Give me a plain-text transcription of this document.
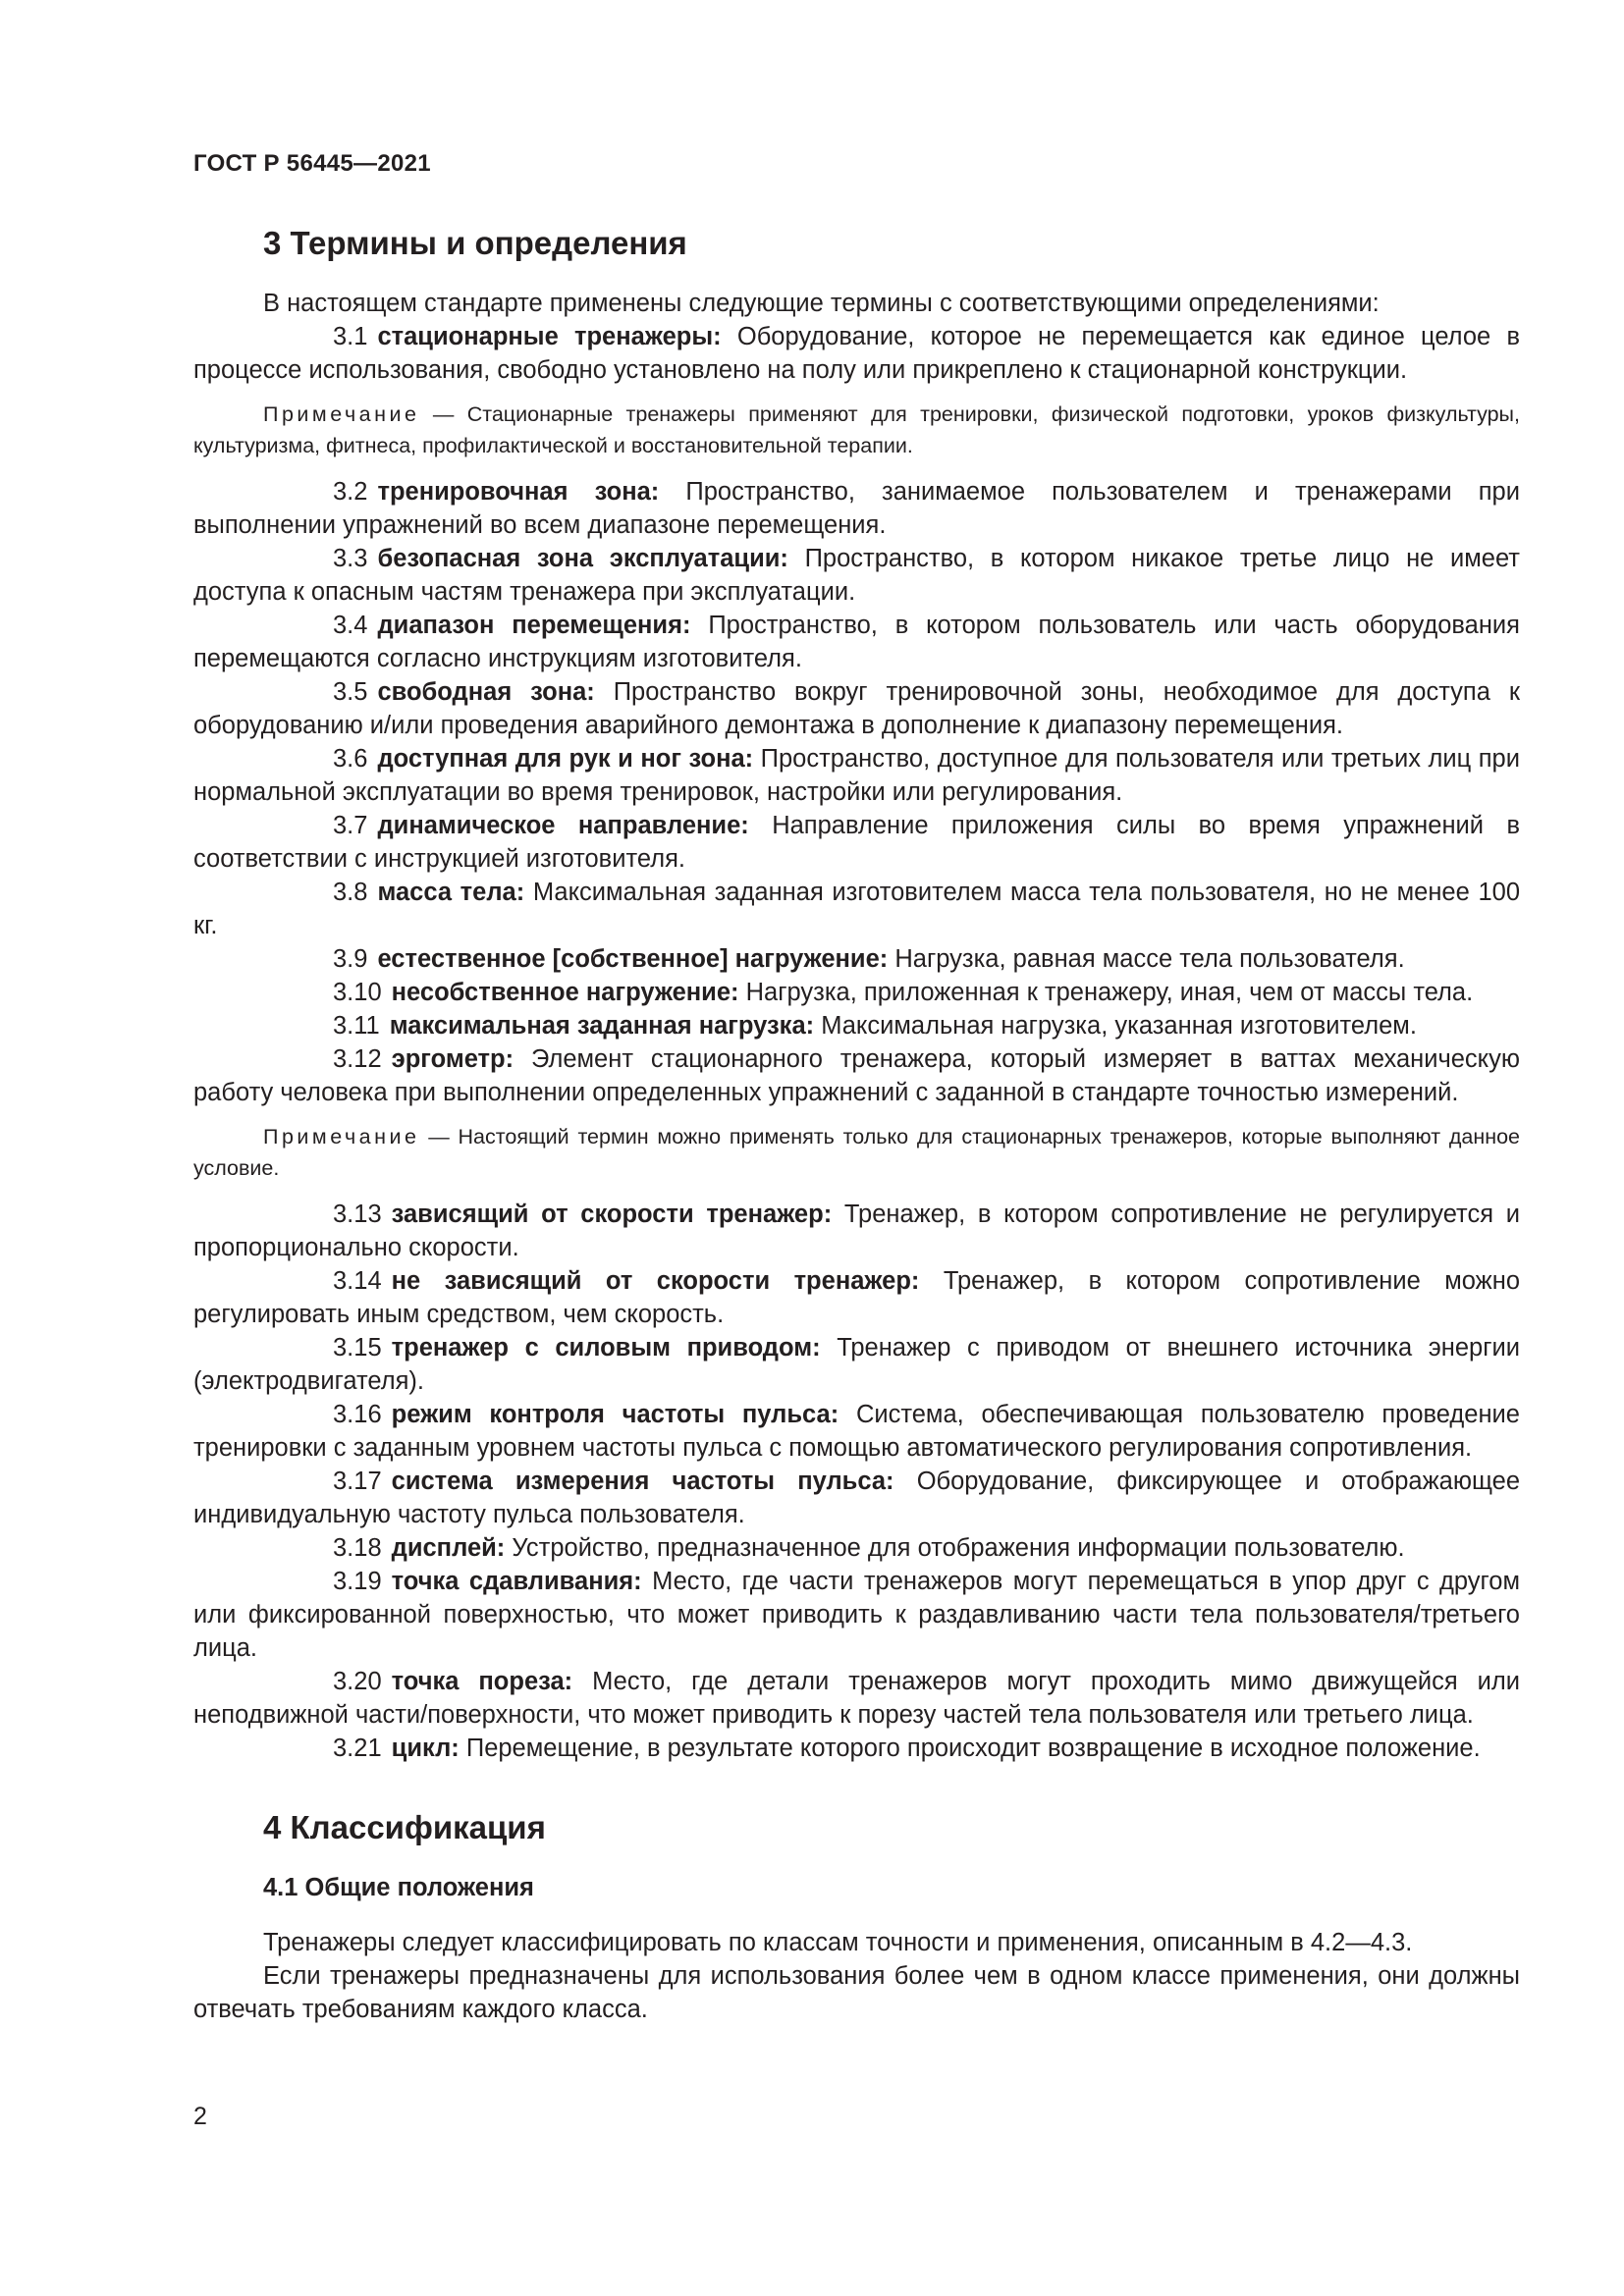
ГОСТ Р 56445—2021
3 Термины и определения

В настоящем стандарте применены следующие термины с соответствующими определениями:

3.1 стационарные тренажеры: Оборудование, которое не перемещается как единое целое в процессе использования, свободно установлено на полу или прикреплено к стационарной конструкции.

Примечание — Стационарные тренажеры применяют для тренировки, физической подготовки, уроков физкультуры, культуризма, фитнеса, профилактической и восстановительной терапии.

3.2 тренировочная зона: Пространство, занимаемое пользователем и тренажерами при выполнении упражнений во всем диапазоне перемещения.

3.3 безопасная зона эксплуатации: Пространство, в котором никакое третье лицо не имеет доступа к опасным частям тренажера при эксплуатации.

3.4 диапазон перемещения: Пространство, в котором пользователь или часть оборудования перемещаются согласно инструкциям изготовителя.

3.5 свободная зона: Пространство вокруг тренировочной зоны, необходимое для доступа к оборудованию и/или проведения аварийного демонтажа в дополнение к диапазону перемещения.

3.6 доступная для рук и ног зона: Пространство, доступное для пользователя или третьих лиц при нормальной эксплуатации во время тренировок, настройки или регулирования.

3.7 динамическое направление: Направление приложения силы во время упражнений в соответствии с инструкцией изготовителя.

3.8 масса тела: Максимальная заданная изготовителем масса тела пользователя, но не менее 100 кг.

3.9 естественное [собственное] нагружение: Нагрузка, равная массе тела пользователя.

3.10 несобственное нагружение: Нагрузка, приложенная к тренажеру, иная, чем от массы тела.

3.11 максимальная заданная нагрузка: Максимальная нагрузка, указанная изготовителем.

3.12 эргометр: Элемент стационарного тренажера, который измеряет в ваттах механическую работу человека при выполнении определенных упражнений с заданной в стандарте точностью измерений.

Примечание — Настоящий термин можно применять только для стационарных тренажеров, которые выполняют данное условие.

3.13 зависящий от скорости тренажер: Тренажер, в котором сопротивление не регулируется и пропорционально скорости.

3.14 не зависящий от скорости тренажер: Тренажер, в котором сопротивление можно регулировать иным средством, чем скорость.

3.15 тренажер с силовым приводом: Тренажер с приводом от внешнего источника энергии (электродвигателя).

3.16 режим контроля частоты пульса: Система, обеспечивающая пользователю проведение тренировки с заданным уровнем частоты пульса с помощью автоматического регулирования сопротивления.

3.17 система измерения частоты пульса: Оборудование, фиксирующее и отображающее индивидуальную частоту пульса пользователя.

3.18 дисплей: Устройство, предназначенное для отображения информации пользователю.

3.19 точка сдавливания: Место, где части тренажеров могут перемещаться в упор друг с другом или фиксированной поверхностью, что может приводить к раздавливанию части тела пользователя/третьего лица.

3.20 точка пореза: Место, где детали тренажеров могут проходить мимо движущейся или неподвижной части/поверхности, что может приводить к порезу частей тела пользователя или третьего лица.

3.21 цикл: Перемещение, в результате которого происходит возвращение в исходное положение.

4 Классификация
4.1 Общие положения

Тренажеры следует классифицировать по классам точности и применения, описанным в 4.2—4.3.

Если тренажеры предназначены для использования более чем в одном классе применения, они должны отвечать требованиям каждого класса.

2
